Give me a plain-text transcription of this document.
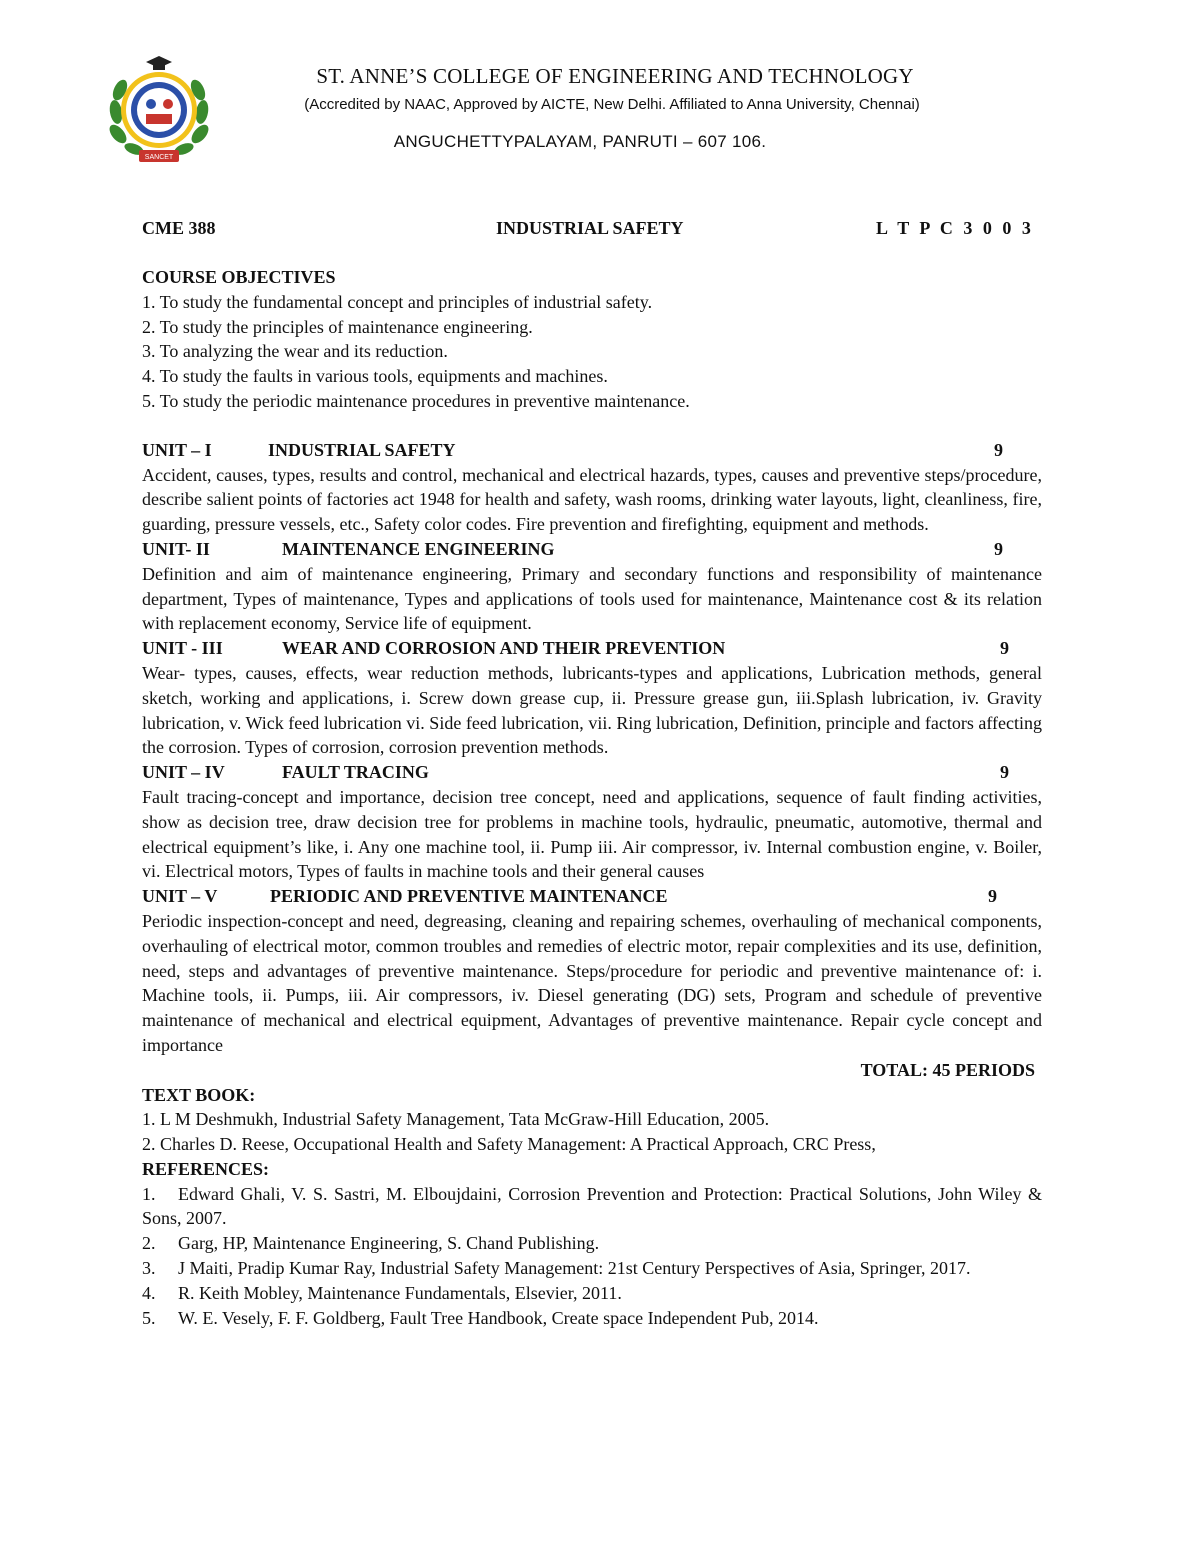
SANCET
ST. ANNE’S COLLEGE OF ENGINEERING AND TECHNOLOGY
(Accredited by NAAC, Approved by AICTE, New Delhi. Affiliated to Anna University, Chennai)
ANGUCHETTYPALAYAM, PANRUTI – 607 106.
CME 388	INDUSTRIAL SAFETY	L T P C 3 0 0 3
COURSE OBJECTIVES
1. To study the fundamental concept and principles of industrial safety.
2. To study the principles of maintenance engineering.
3. To analyzing the wear and its reduction.
4. To study the faults in various tools, equipments and machines.
5. To study the periodic maintenance procedures in preventive maintenance.
UNIT – I	INDUSTRIAL SAFETY	9
Accident, causes, types, results and control, mechanical and electrical hazards, types, causes and preventive steps/procedure, describe salient points of factories act 1948 for health and safety, wash rooms, drinking water layouts, light, cleanliness, fire, guarding, pressure vessels, etc., Safety color codes. Fire prevention and firefighting, equipment and methods.
UNIT- II	MAINTENANCE ENGINEERING	9
Definition and aim of maintenance engineering, Primary and secondary functions and responsibility of maintenance department, Types of maintenance, Types and applications of tools used for maintenance, Maintenance cost & its relation with replacement economy, Service life of equipment.
UNIT - III	WEAR AND CORROSION AND THEIR PREVENTION	9
Wear- types, causes, effects, wear reduction methods, lubricants-types and applications, Lubrication methods, general sketch, working and applications, i. Screw down grease cup, ii. Pressure grease gun, iii.Splash lubrication, iv. Gravity lubrication, v. Wick feed lubrication vi. Side feed lubrication, vii. Ring lubrication, Definition, principle and factors affecting the corrosion. Types of corrosion, corrosion prevention methods.
UNIT – IV	FAULT TRACING	9
Fault tracing-concept and importance, decision tree concept, need and applications, sequence of fault finding activities, show as decision tree, draw decision tree for problems in machine tools, hydraulic, pneumatic, automotive, thermal and electrical equipment’s like, i. Any one machine tool, ii. Pump iii. Air compressor, iv. Internal combustion engine, v. Boiler, vi. Electrical motors, Types of faults in machine tools and their general causes
UNIT – V	PERIODIC AND PREVENTIVE MAINTENANCE	9
Periodic inspection-concept and need, degreasing, cleaning and repairing schemes, overhauling of mechanical components, overhauling of electrical motor, common troubles and remedies of electric motor, repair complexities and its use, definition, need, steps and advantages of preventive maintenance. Steps/procedure for periodic and preventive maintenance of: i. Machine tools, ii. Pumps, iii. Air compressors, iv. Diesel generating (DG) sets, Program and schedule of preventive maintenance of mechanical and electrical equipment, Advantages of preventive maintenance. Repair cycle concept and importance
TOTAL: 45 PERIODS
TEXT BOOK:
1. L M Deshmukh, Industrial Safety Management, Tata McGraw-Hill Education, 2005.
2. Charles D. Reese, Occupational Health and Safety Management: A Practical Approach, CRC Press,
REFERENCES:
1. Edward Ghali, V. S. Sastri, M. Elboujdaini, Corrosion Prevention and Protection: Practical Solutions, John Wiley & Sons, 2007.
2. Garg, HP, Maintenance Engineering, S. Chand Publishing.
3. J Maiti, Pradip Kumar Ray, Industrial Safety Management: 21st Century Perspectives of Asia, Springer, 2017.
4. R. Keith Mobley, Maintenance Fundamentals, Elsevier, 2011.
5. W. E. Vesely, F. F. Goldberg, Fault Tree Handbook, Create space Independent Pub, 2014.
